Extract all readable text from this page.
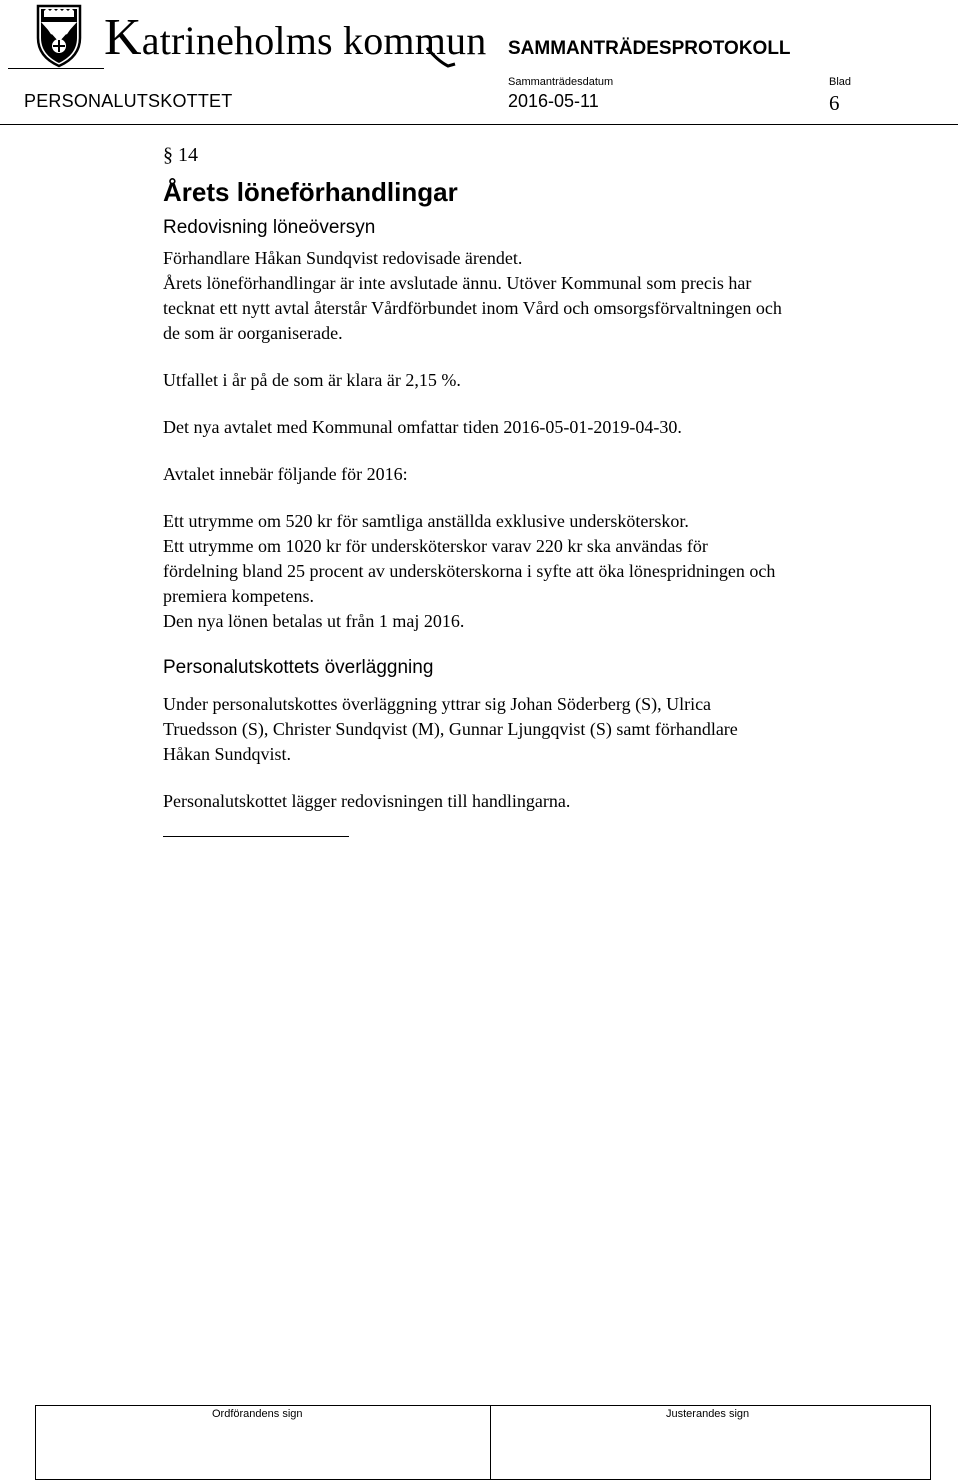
Katrineholms kommun SAMMANTRÄDESPROTOKOLL
Sammanträdesdatum	Blad
PERSONALUTSKOTTET	2016-05-11	6
§ 14
Årets löneförhandlingar
Redovisning löneöversyn
Förhandlare Håkan Sundqvist redovisade ärendet.
Årets löneförhandlingar är inte avslutade ännu. Utöver Kommunal som precis har
tecknat ett nytt avtal återstår Vårdförbundet inom Vård och omsorgsförvaltningen och
de som är oorganiserade.
Utfallet i år på de som är klara är 2,15 %.
Det nya avtalet med Kommunal omfattar tiden 2016-05-01-2019-04-30.
Avtalet innebär följande för 2016:
Ett utrymme om 520 kr för samtliga anställda exklusive undersköterskor.
Ett utrymme om 1020 kr för undersköterskor varav 220 kr ska användas för
fördelning bland 25 procent av undersköterskorna i syfte att öka lönespridningen och
premiera kompetens.
Den nya lönen betalas ut från 1 maj 2016.
Personalutskottets överläggning
Under personalutskottes överläggning yttrar sig Johan Söderberg (S), Ulrica
Truedsson (S), Christer Sundqvist (M), Gunnar Ljungqvist (S) samt förhandlare
Håkan Sundqvist.
Personalutskottet lägger redovisningen till handlingarna.
Ordförandens sign	Justerandes sign
